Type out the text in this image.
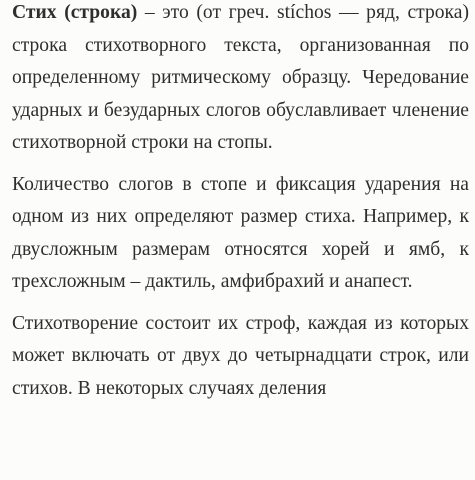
Стих (строка) – это (от греч. stíchos — ряд, строка) строка стихотворного текста, организованная по определенному ритмическому образцу. Чередование ударных и безударных слогов обуславливает членение стихотворной строки на стопы.

Количество слогов в стопе и фиксация ударения на одном из них определяют размер стиха. Например, к двусложным размерам относятся хорей и ямб, к трехсложным – дактиль, амфибрахий и анапест.

Стихотворение состоит их строф, каждая из которых может включать от двух до четырнадцати строк, или стихов. В некоторых случаях деления
